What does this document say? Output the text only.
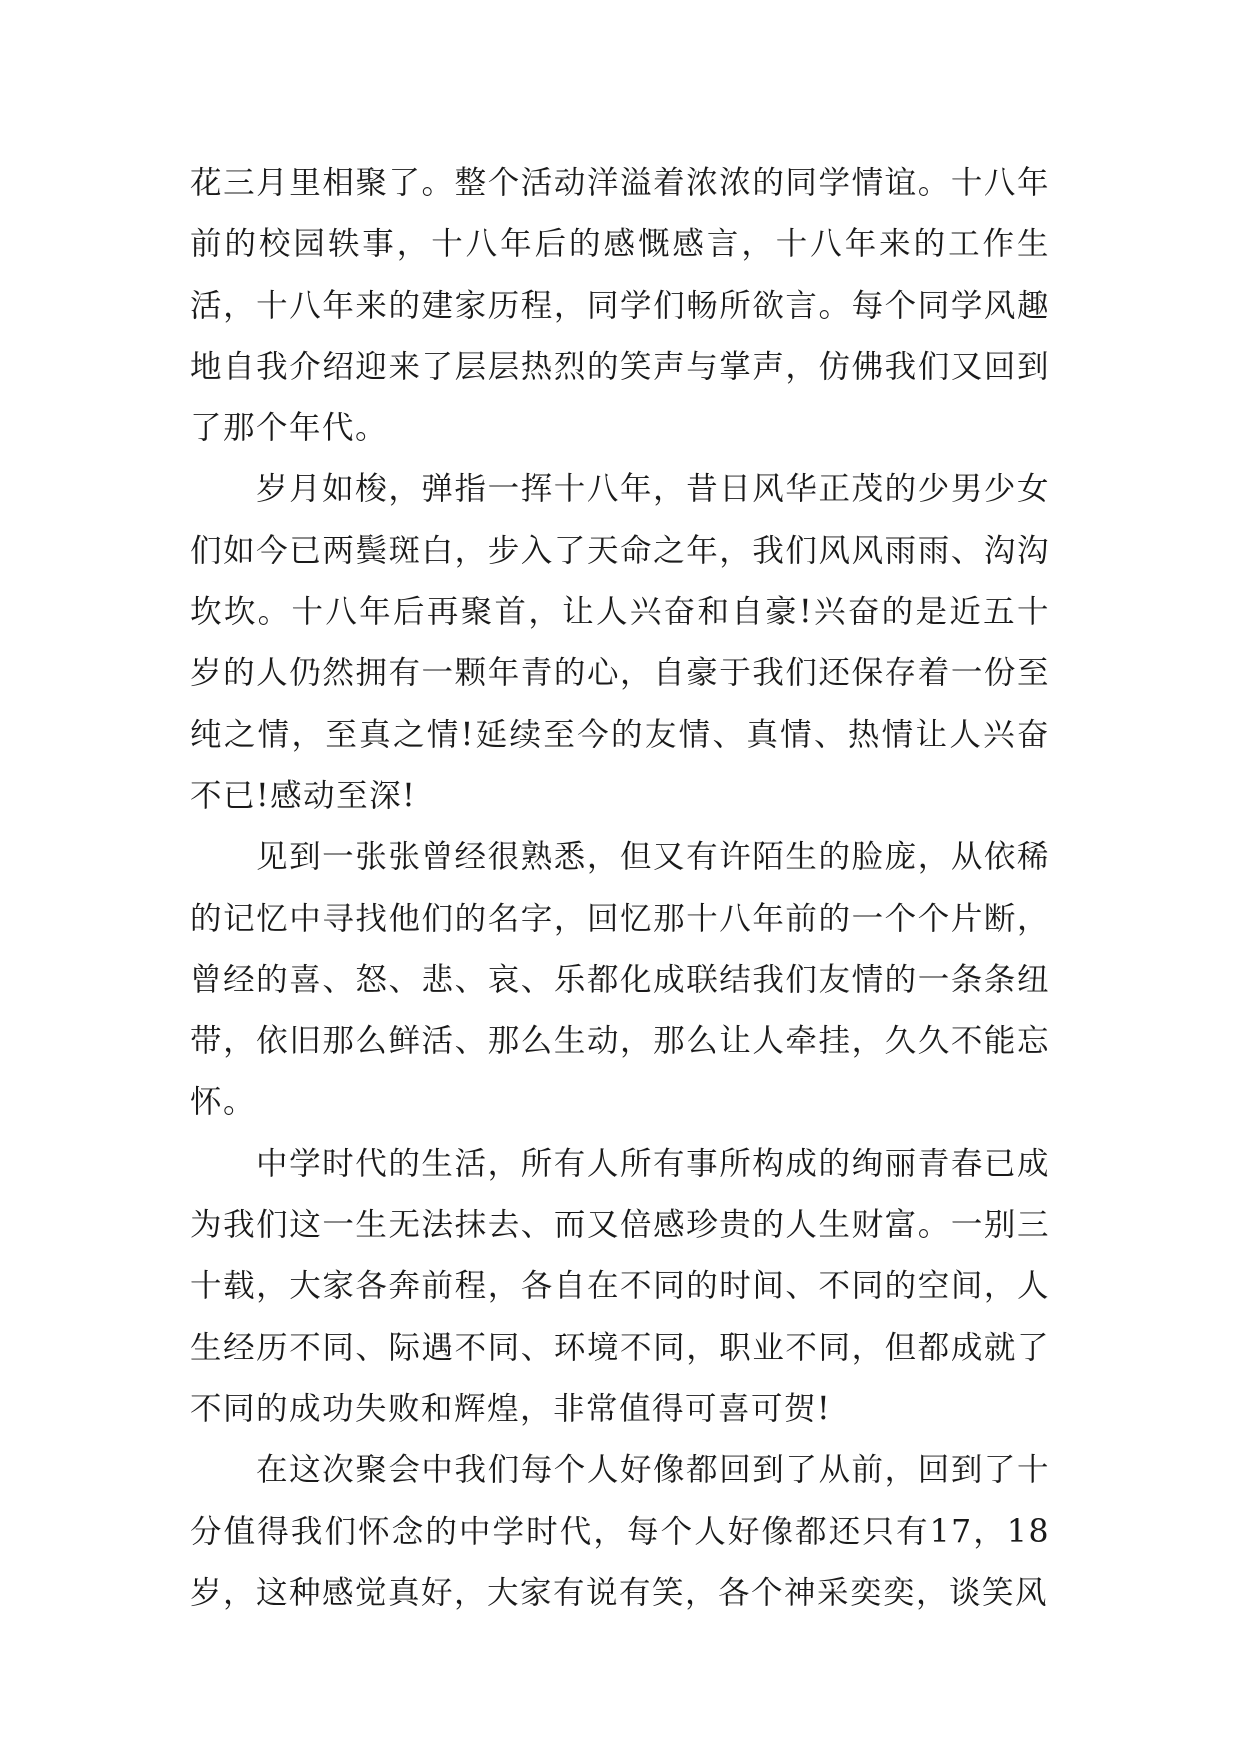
花三月里相聚了。整个活动洋溢着浓浓的同学情谊。十八年前的校园轶事，十八年后的感慨感言，十八年来的工作生活，十八年来的建家历程，同学们畅所欲言。每个同学风趣地自我介绍迎来了层层热烈的笑声与掌声，仿佛我们又回到了那个年代。

岁月如梭，弹指一挥十八年，昔日风华正茂的少男少女们如今已两鬓斑白，步入了天命之年，我们风风雨雨、沟沟坎坎。十八年后再聚首，让人兴奋和自豪!兴奋的是近五十岁的人仍然拥有一颗年青的心，自豪于我们还保存着一份至纯之情，至真之情!延续至今的友情、真情、热情让人兴奋不已!感动至深!

见到一张张曾经很熟悉，但又有许陌生的脸庞，从依稀的记忆中寻找他们的名字，回忆那十八年前的一个个片断，曾经的喜、怒、悲、哀、乐都化成联结我们友情的一条条纽带，依旧那么鲜活、那么生动，那么让人牵挂，久久不能忘怀。

中学时代的生活，所有人所有事所构成的绚丽青春已成为我们这一生无法抹去、而又倍感珍贵的人生财富。一别三十载，大家各奔前程，各自在不同的时间、不同的空间，人生经历不同、际遇不同、环境不同，职业不同，但都成就了不同的成功失败和辉煌，非常值得可喜可贺!

在这次聚会中我们每个人好像都回到了从前，回到了十分值得我们怀念的中学时代，每个人好像都还只有17，18岁，这种感觉真好，大家有说有笑，各个神采奕奕，谈笑风
